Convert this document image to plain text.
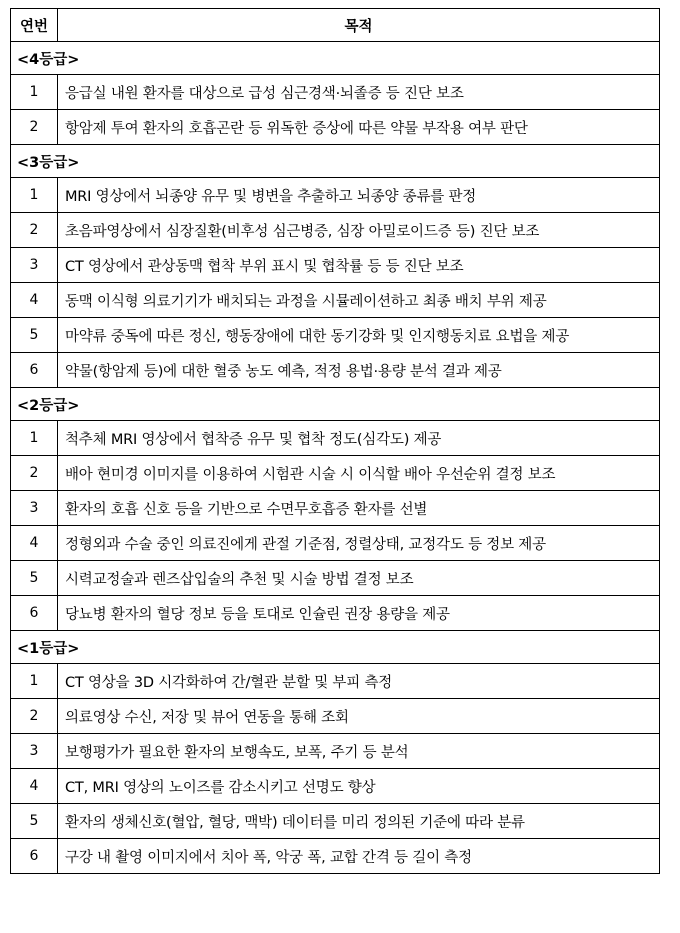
연번	목적
<4등급>	
1	응급실 내원 환자를 대상으로 급성 심근경색·뇌졸증 등 진단 보조
2	항암제 투여 환자의 호흡곤란 등 위독한 증상에 따른 약물 부작용 여부 판단
<3등급>	
1	MRI 영상에서 뇌종양 유무 및 병변을 추출하고 뇌종양 종류를 판정
2	초음파영상에서 심장질환(비후성 심근병증, 심장 아밀로이드증 등) 진단 보조
3	CT 영상에서 관상동맥 협착 부위 표시 및 협착률 등 등 진단 보조
4	동맥 이식형 의료기기가 배치되는 과정을 시뮬레이션하고 최종 배치 부위 제공
5	마약류 중독에 따른 정신, 행동장애에 대한 동기강화 및 인지행동치료 요법을 제공
6	약물(항암제 등)에 대한 혈중 농도 예측, 적정 용법·용량 분석 결과 제공
<2등급>	
1	척추체 MRI 영상에서 협착증 유무 및 협착 정도(심각도) 제공
2	배아 현미경 이미지를 이용하여 시험관 시술 시 이식할 배아 우선순위 결정 보조
3	환자의 호흡 신호 등을 기반으로 수면무호흡증 환자를 선별
4	정형외과 수술 중인 의료진에게 관절 기준점, 정렬상태, 교정각도 등 정보 제공
5	시력교정술과 렌즈삽입술의 추천 및 시술 방법 결정 보조
6	당뇨병 환자의 혈당 정보 등을 토대로 인슐린 권장 용량을 제공
<1등급>	
1	CT 영상을 3D 시각화하여 간/혈관 분할 및 부피 측정
2	의료영상 수신, 저장 및 뷰어 연동을 통해 조회
3	보행평가가 필요한 환자의 보행속도, 보폭, 주기 등 분석
4	CT, MRI 영상의 노이즈를 감소시키고 선명도 향상
5	환자의 생체신호(혈압, 혈당, 맥박) 데이터를 미리 정의된 기준에 따라 분류
6	구강 내 촬영 이미지에서 치아 폭, 악궁 폭, 교합 간격 등 길이 측정
